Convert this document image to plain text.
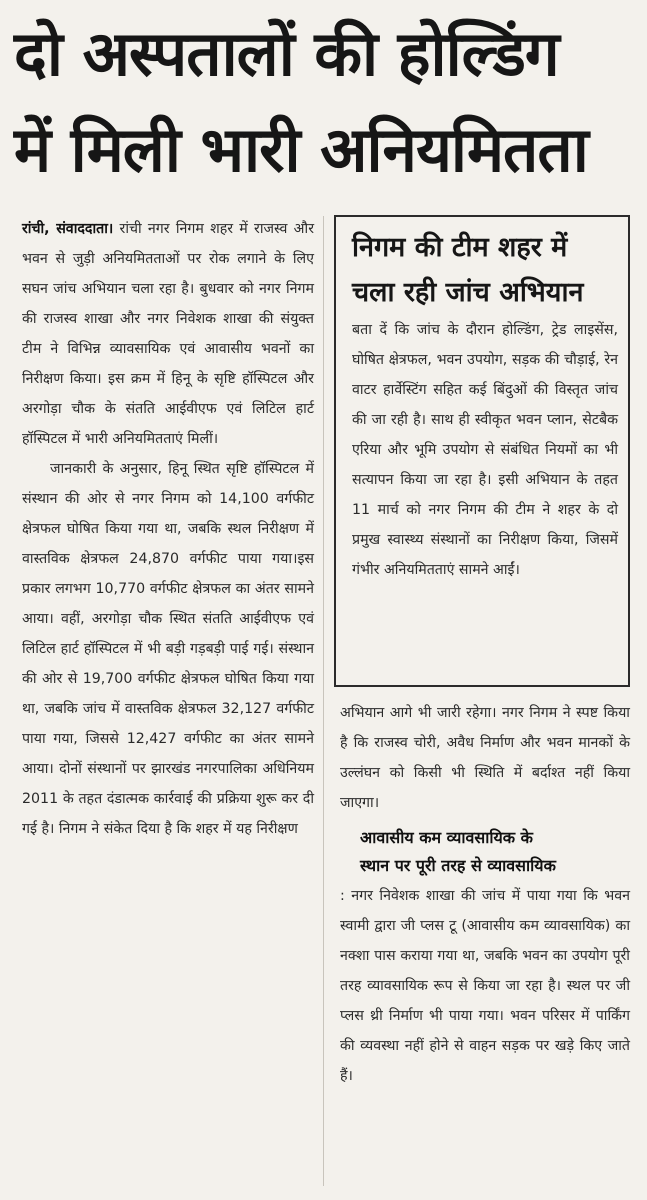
दो अस्पतालों की होल्डिंग
में मिली भारी अनियमितता

रांची, संवाददाता। रांची नगर निगम शहर में राजस्व और भवन से जुड़ी अनियमितताओं पर रोक लगाने के लिए सघन जांच अभियान चला रहा है। बुधवार को नगर निगम की राजस्व शाखा और नगर निवेशक शाखा की संयुक्त टीम ने विभिन्न व्यावसायिक एवं आवासीय भवनों का निरीक्षण किया। इस क्रम में हिनू के सृष्टि हॉस्पिटल और अरगोड़ा चौक के संतति आईवीएफ एवं लिटिल हार्ट हॉस्पिटल में भारी अनियमितताएं मिलीं।

जानकारी के अनुसार, हिनू स्थित सृष्टि हॉस्पिटल में संस्थान की ओर से नगर निगम को 14,100 वर्गफीट क्षेत्रफल घोषित किया गया था, जबकि स्थल निरीक्षण में वास्तविक क्षेत्रफल 24,870 वर्गफीट पाया गया।इस प्रकार लगभग 10,770 वर्गफीट क्षेत्रफल का अंतर सामने आया। वहीं, अरगोड़ा चौक स्थित संतति आईवीएफ एवं लिटिल हार्ट हॉस्पिटल में भी बड़ी गड़बड़ी पाई गई। संस्थान की ओर से 19,700 वर्गफीट क्षेत्रफल घोषित किया गया था, जबकि जांच में वास्तविक क्षेत्रफल 32,127 वर्गफीट पाया गया, जिससे 12,427 वर्गफीट का अंतर सामने आया। दोनों संस्थानों पर झारखंड नगरपालिका अधिनियम 2011 के तहत दंडात्मक कार्रवाई की प्रक्रिया शुरू कर दी गई है। निगम ने संकेत दिया है कि शहर में यह निरीक्षण

निगम की टीम शहर में
चला रही जांच अभियान

बता दें कि जांच के दौरान होल्डिंग, ट्रेड लाइसेंस, घोषित क्षेत्रफल, भवन उपयोग, सड़क की चौड़ाई, रेन वाटर हार्वेस्टिंग सहित कई बिंदुओं की विस्तृत जांच की जा रही है। साथ ही स्वीकृत भवन प्लान, सेटबैक एरिया और भूमि उपयोग से संबंधित नियमों का भी सत्यापन किया जा रहा है। इसी अभियान के तहत 11 मार्च को नगर निगम की टीम ने शहर के दो प्रमुख स्वास्थ्य संस्थानों का निरीक्षण किया, जिसमें गंभीर अनियमितताएं सामने आईं।

अभियान आगे भी जारी रहेगा। नगर निगम ने स्पष्ट किया है कि राजस्व चोरी, अवैध निर्माण और भवन मानकों के उल्लंघन को किसी भी स्थिति में बर्दाश्त नहीं किया जाएगा।

आवासीय कम व्यावसायिक के
स्थान पर पूरी तरह से व्यावसायिक

: नगर निवेशक शाखा की जांच में पाया गया कि भवन स्वामी द्वारा जी प्लस टू (आवासीय कम व्यावसायिक) का नक्शा पास कराया गया था, जबकि भवन का उपयोग पूरी तरह व्यावसायिक रूप से किया जा रहा है। स्थल पर जी प्लस थ्री निर्माण भी पाया गया। भवन परिसर में पार्किंग की व्यवस्था नहीं होने से वाहन सड़क पर खड़े किए जाते हैं।
